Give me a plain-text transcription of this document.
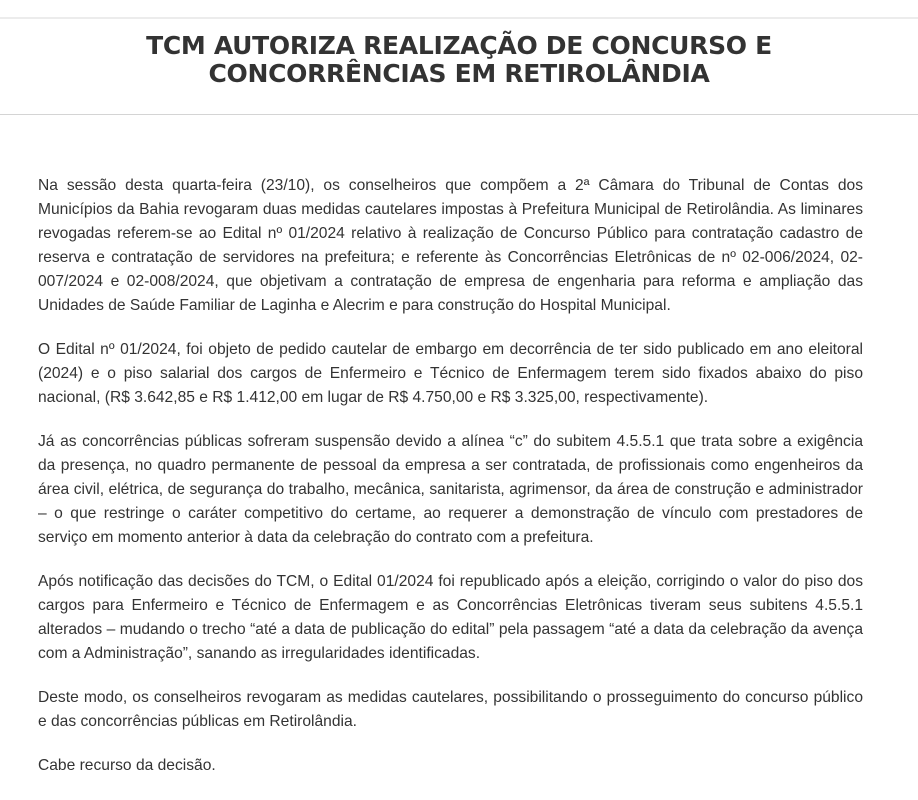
TCM AUTORIZA REALIZAÇÃO DE CONCURSO E
CONCORRÊNCIAS EM RETIROLÂNDIA

Na sessão desta quarta-feira (23/10), os conselheiros que compõem a 2ª Câmara do Tribunal de Contas dos Municípios da Bahia revogaram duas medidas cautelares impostas à Prefeitura Municipal de Retirolândia. As liminares revogadas referem-se ao Edital nº 01/2024 relativo à realização de Concurso Público para contratação cadastro de reserva e contratação de servidores na prefeitura; e referente às Concorrências Eletrônicas de nº 02-006/2024, 02-007/2024 e 02-008/2024, que objetivam a contratação de empresa de engenharia para reforma e ampliação das Unidades de Saúde Familiar de Laginha e Alecrim e para construção do Hospital Municipal.

O Edital nº 01/2024, foi objeto de pedido cautelar de embargo em decorrência de ter sido publicado em ano eleitoral (2024) e o piso salarial dos cargos de Enfermeiro e Técnico de Enfermagem terem sido fixados abaixo do piso nacional, (R$ 3.642,85 e R$ 1.412,00 em lugar de R$ 4.750,00 e R$ 3.325,00, respectivamente).

Já as concorrências públicas sofreram suspensão devido a alínea “c” do subitem 4.5.5.1 que trata sobre a exigência da presença, no quadro permanente de pessoal da empresa a ser contratada, de profissionais como engenheiros da área civil, elétrica, de segurança do trabalho, mecânica, sanitarista, agrimensor, da área de construção e administrador – o que restringe o caráter competitivo do certame, ao requerer a demonstração de vínculo com prestadores de serviço em momento anterior à data da celebração do contrato com a prefeitura.

Após notificação das decisões do TCM, o Edital 01/2024 foi republicado após a eleição, corrigindo o valor do piso dos cargos para Enfermeiro e Técnico de Enfermagem e as Concorrências Eletrônicas tiveram seus subitens 4.5.5.1 alterados – mudando o trecho “até a data de publicação do edital” pela passagem “até a data da celebração da avença com a Administração”, sanando as irregularidades identificadas.

Deste modo, os conselheiros revogaram as medidas cautelares, possibilitando o prosseguimento do concurso público e das concorrências públicas em Retirolândia.

Cabe recurso da decisão.
